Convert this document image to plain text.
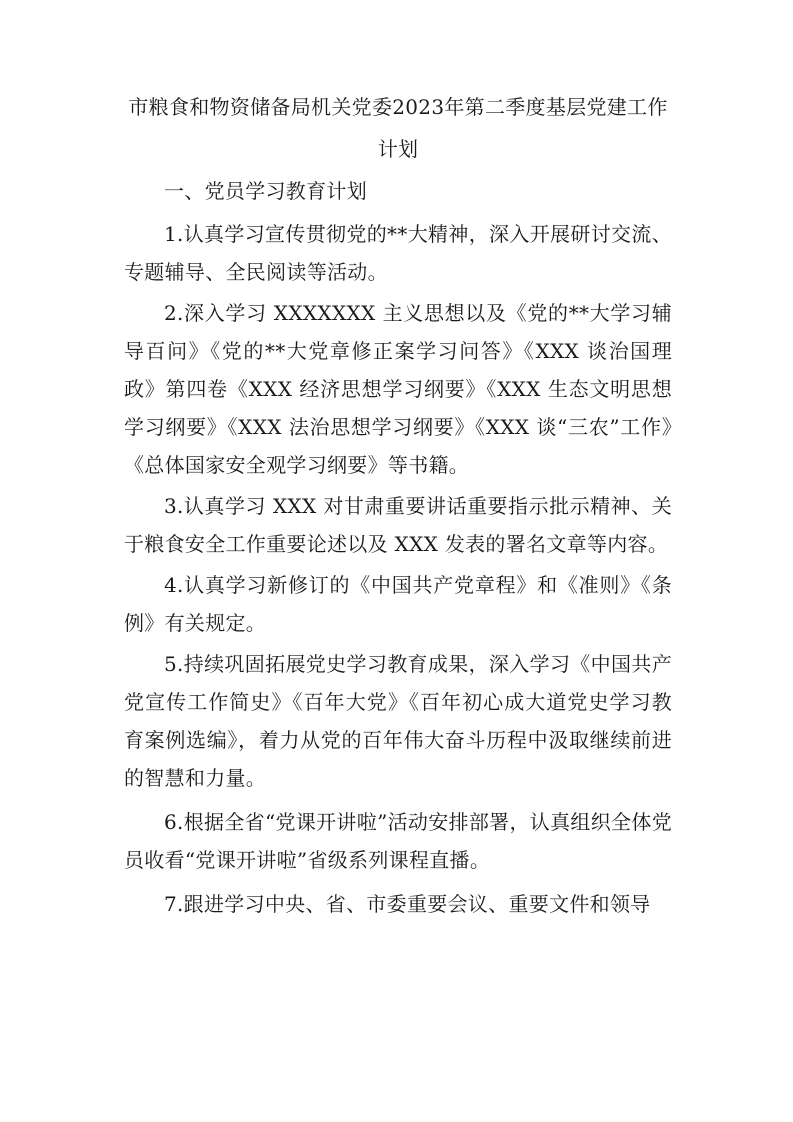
市粮食和物资储备局机关党委2023年第二季度基层党建工作计划

一、党员学习教育计划

1.认真学习宣传贯彻党的**大精神，深入开展研讨交流、专题辅导、全民阅读等活动。

2.深入学习 XXXXXXX 主义思想以及《党的**大学习辅导百问》《党的**大党章修正案学习问答》《XXX 谈治国理政》第四卷《XXX 经济思想学习纲要》《XXX 生态文明思想学习纲要》《XXX 法治思想学习纲要》《XXX 谈“三农”工作》《总体国家安全观学习纲要》等书籍。

3.认真学习 XXX 对甘肃重要讲话重要指示批示精神、关于粮食安全工作重要论述以及 XXX 发表的署名文章等内容。

4.认真学习新修订的《中国共产党章程》和《准则》《条例》有关规定。

5.持续巩固拓展党史学习教育成果，深入学习《中国共产党宣传工作简史》《百年大党》《百年初心成大道党史学习教育案例选编》，着力从党的百年伟大奋斗历程中汲取继续前进的智慧和力量。

6.根据全省“党课开讲啦”活动安排部署，认真组织全体党员收看“党课开讲啦”省级系列课程直播。

7.跟进学习中央、省、市委重要会议、重要文件和领导
